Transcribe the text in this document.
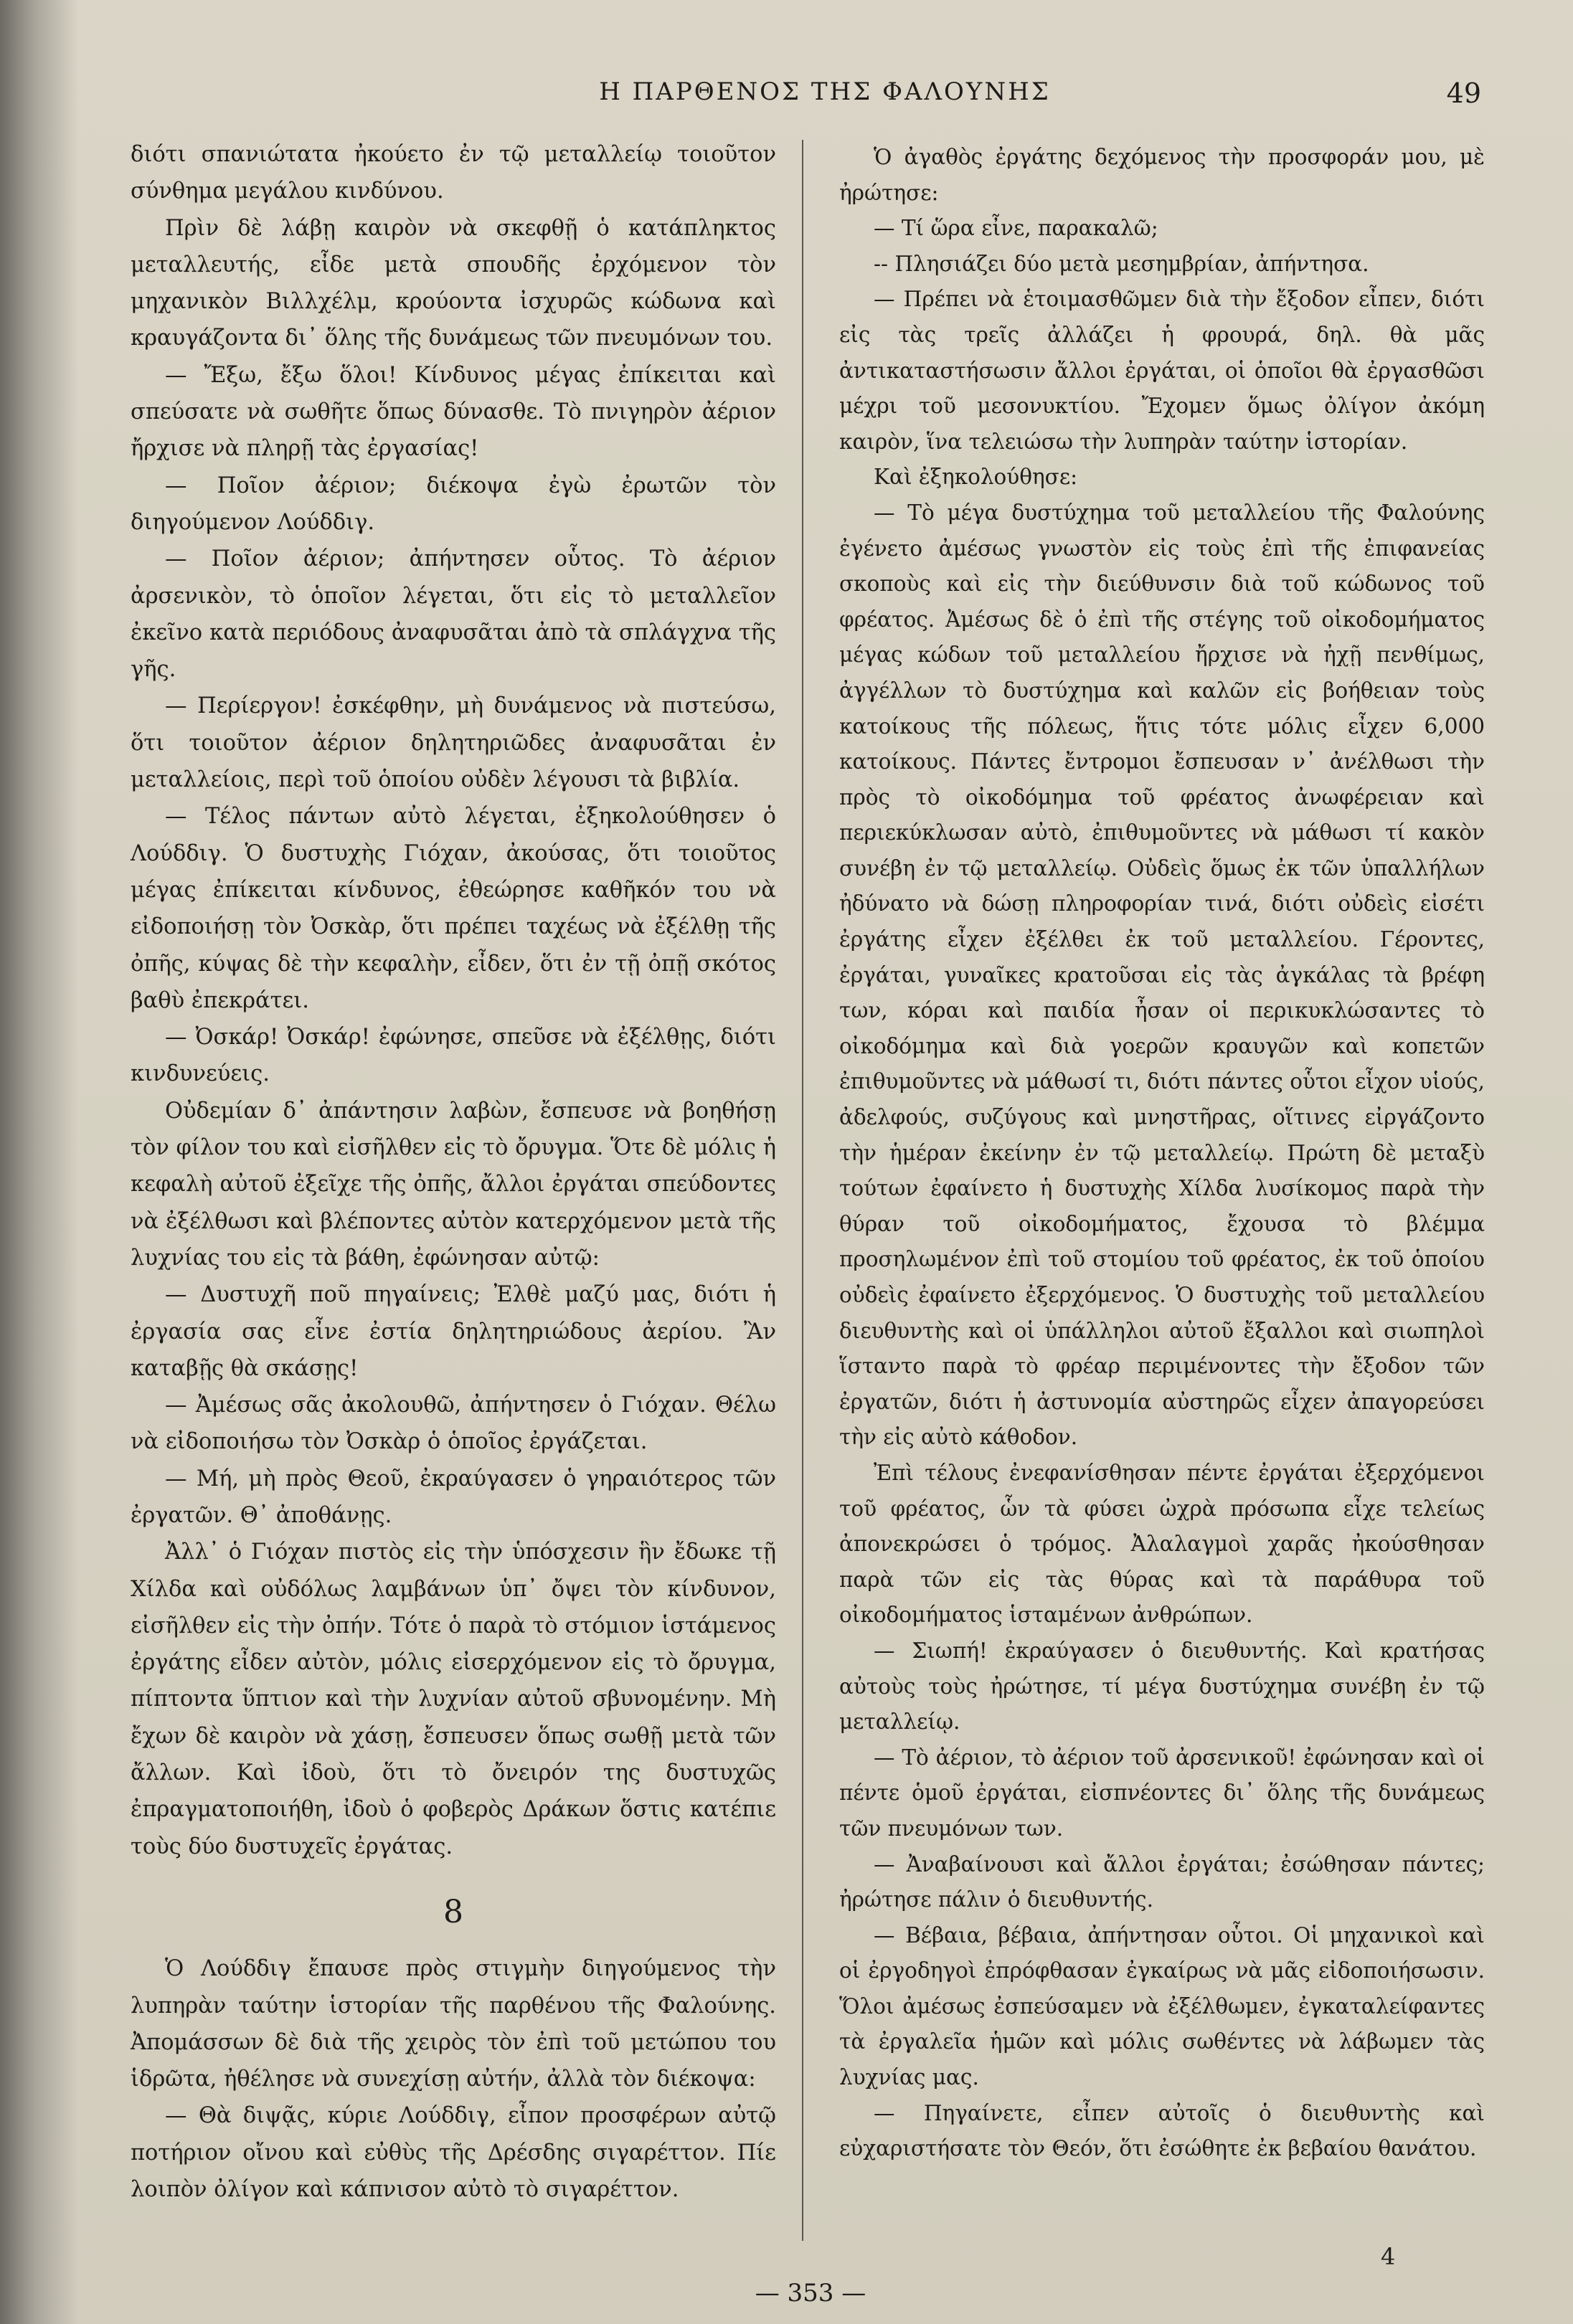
Η ΠΑΡΘΕΝΟΣ ΤΗΣ ΦΑΛΟΥΝΗΣ	49

διότι σπανιώτατα ἠκούετο ἐν τῷ μεταλλείῳ τοιοῦτον σύνθημα μεγάλου κινδύνου.

Πρὶν δὲ λάβῃ καιρὸν νὰ σκεφθῇ ὁ κατάπληκτος μεταλλευτής, εἶδε μετὰ σπουδῆς ἐρχόμενον τὸν μηχανικὸν Βιλλχέλμ, κρούοντα ἰσχυρῶς κώδωνα καὶ κραυγάζοντα δι᾽ ὅλης τῆς δυνάμεως τῶν πνευμόνων του.

— Ἔξω, ἔξω ὅλοι! Κίνδυνος μέγας ἐπίκειται καὶ σπεύσατε νὰ σωθῆτε ὅπως δύνασθε. Τὸ πνιγηρὸν ἀέριον ἤρχισε νὰ πληρῇ τὰς ἐργασίας!

— Ποῖον ἀέριον; διέκοψα ἐγὼ ἐρωτῶν τὸν διηγούμενον Λούδδιγ.

— Ποῖον ἀέριον; ἀπήντησεν οὗτος. Τὸ ἀέριον ἀρσενικὸν, τὸ ὁποῖον λέγεται, ὅτι εἰς τὸ μεταλλεῖον ἐκεῖνο κατὰ περιόδους ἀναφυσᾶται ἀπὸ τὰ σπλάγχνα τῆς γῆς.

— Περίεργον! ἐσκέφθην, μὴ δυνάμενος νὰ πιστεύσω, ὅτι τοιοῦτον ἀέριον δηλητηριῶδες ἀναφυσᾶται ἐν μεταλλείοις, περὶ τοῦ ὁποίου οὐδὲν λέγουσι τὰ βιβλία.

— Τέλος πάντων αὐτὸ λέγεται, ἐξηκολούθησεν ὁ Λούδδιγ. Ὁ δυστυχὴς Γιόχαν, ἀκούσας, ὅτι τοιοῦτος μέγας ἐπίκειται κίνδυνος, ἐθεώρησε καθῆκόν του νὰ εἰδοποιήσῃ τὸν Ὀσκὰρ, ὅτι πρέπει ταχέως νὰ ἐξέλθῃ τῆς ὀπῆς, κύψας δὲ τὴν κεφαλὴν, εἶδεν, ὅτι ἐν τῇ ὀπῇ σκότος βαθὺ ἐπεκράτει.

— Ὀσκάρ! Ὀσκάρ! ἐφώνησε, σπεῦσε νὰ ἐξέλθῃς, διότι κινδυνεύεις.

Οὐδεμίαν δ᾽ ἀπάντησιν λαβὼν, ἔσπευσε νὰ βοηθήσῃ τὸν φίλον του καὶ εἰσῆλθεν εἰς τὸ ὄρυγμα. Ὅτε δὲ μόλις ἡ κεφαλὴ αὐτοῦ ἐξεῖχε τῆς ὀπῆς, ἄλλοι ἐργάται σπεύδοντες νὰ ἐξέλθωσι καὶ βλέποντες αὐτὸν κατερχόμενον μετὰ τῆς λυχνίας του εἰς τὰ βάθη, ἐφώνησαν αὐτῷ:

— Δυστυχῆ ποῦ πηγαίνεις; Ἐλθὲ μαζύ μας, διότι ἡ ἐργασία σας εἶνε ἐστία δηλητηριώδους ἀερίου. Ἂν καταβῇς θὰ σκάσῃς!

— Ἀμέσως σᾶς ἀκολουθῶ, ἀπήντησεν ὁ Γιόχαν. Θέλω νὰ εἰδοποιήσω τὸν Ὀσκὰρ ὁ ὁποῖος ἐργάζεται.

— Μή, μὴ πρὸς Θεοῦ, ἐκραύγασεν ὁ γηραιότερος τῶν ἐργατῶν. Θ᾽ ἀποθάνῃς.

Ἀλλ᾽ ὁ Γιόχαν πιστὸς εἰς τὴν ὑπόσχεσιν ἣν ἔδωκε τῇ Χίλδα καὶ οὐδόλως λαμβάνων ὑπ᾽ ὄψει τὸν κίνδυνον, εἰσῆλθεν εἰς τὴν ὀπήν. Τότε ὁ παρὰ τὸ στόμιον ἱστάμενος ἐργάτης εἶδεν αὐτὸν, μόλις εἰσερχόμενον εἰς τὸ ὄρυγμα, πίπτοντα ὕπτιον καὶ τὴν λυχνίαν αὐτοῦ σβυνομένην. Μὴ ἔχων δὲ καιρὸν νὰ χάσῃ, ἔσπευσεν ὅπως σωθῇ μετὰ τῶν ἄλλων. Καὶ ἰδοὺ, ὅτι τὸ ὄνειρόν της δυστυχῶς ἐπραγματοποιήθη, ἰδοὺ ὁ φοβερὸς Δράκων ὅστις κατέπιε τοὺς δύο δυστυχεῖς ἐργάτας.

8

Ὁ Λούδδιγ ἔπαυσε πρὸς στιγμὴν διηγούμενος τὴν λυπηρὰν ταύτην ἱστορίαν τῆς παρθένου τῆς Φαλούνης. Ἀπομάσσων δὲ διὰ τῆς χειρὸς τὸν ἐπὶ τοῦ μετώπου του ἱδρῶτα, ἠθέλησε νὰ συνεχίσῃ αὐτήν, ἀλλὰ τὸν διέκοψα:

— Θὰ διψᾷς, κύριε Λούδδιγ, εἶπον προσφέρων αὐτῷ ποτήριον οἴνου καὶ εὐθὺς τῆς Δρέσδης σιγαρέττον. Πίε λοιπὸν ὀλίγον καὶ κάπνισον αὐτὸ τὸ σιγαρέττον.

Ὁ ἀγαθὸς ἐργάτης δεχόμενος τὴν προσφοράν μου, μὲ ἠρώτησε:

— Τί ὥρα εἶνε, παρακαλῶ;

-- Πλησιάζει δύο μετὰ μεσημβρίαν, ἀπήντησα.

— Πρέπει νὰ ἑτοιμασθῶμεν διὰ τὴν ἔξοδον εἶπεν, διότι εἰς τὰς τρεῖς ἀλλάζει ἡ φρουρά, δηλ. θὰ μᾶς ἀντικαταστήσωσιν ἄλλοι ἐργάται, οἱ ὁποῖοι θὰ ἐργασθῶσι μέχρι τοῦ μεσονυκτίου. Ἔχομεν ὅμως ὀλίγον ἀκόμη καιρὸν, ἵνα τελειώσω τὴν λυπηρὰν ταύτην ἱστορίαν.

Καὶ ἐξηκολούθησε:

— Τὸ μέγα δυστύχημα τοῦ μεταλλείου τῆς Φαλούνης ἐγένετο ἀμέσως γνωστὸν εἰς τοὺς ἐπὶ τῆς ἐπιφανείας σκοποὺς καὶ εἰς τὴν διεύθυνσιν διὰ τοῦ κώδωνος τοῦ φρέατος. Ἀμέσως δὲ ὁ ἐπὶ τῆς στέγης τοῦ οἰκοδομήματος μέγας κώδων τοῦ μεταλλείου ἤρχισε νὰ ἠχῇ πενθίμως, ἀγγέλλων τὸ δυστύχημα καὶ καλῶν εἰς βοήθειαν τοὺς κατοίκους τῆς πόλεως, ἥτις τότε μόλις εἶχεν 6,000 κατοίκους. Πάντες ἔντρομοι ἔσπευσαν ν᾽ ἀνέλθωσι τὴν πρὸς τὸ οἰκοδόμημα τοῦ φρέατος ἀνωφέρειαν καὶ περιεκύκλωσαν αὐτὸ, ἐπιθυμοῦντες νὰ μάθωσι τί κακὸν συνέβη ἐν τῷ μεταλλείῳ. Οὐδεὶς ὅμως ἐκ τῶν ὑπαλλήλων ἠδύνατο νὰ δώσῃ πληροφορίαν τινά, διότι οὐδεὶς εἰσέτι ἐργάτης εἶχεν ἐξέλθει ἐκ τοῦ μεταλλείου. Γέροντες, ἐργάται, γυναῖκες κρατοῦσαι εἰς τὰς ἀγκάλας τὰ βρέφη των, κόραι καὶ παιδία ἦσαν οἱ περικυκλώσαντες τὸ οἰκοδόμημα καὶ διὰ γοερῶν κραυγῶν καὶ κοπετῶν ἐπιθυμοῦντες νὰ μάθωσί τι, διότι πάντες οὗτοι εἶχον υἱούς, ἀδελφούς, συζύγους καὶ μνηστῆρας, οἵτινες εἰργάζοντο τὴν ἡμέραν ἐκείνην ἐν τῷ μεταλλείῳ. Πρώτη δὲ μεταξὺ τούτων ἐφαίνετο ἡ δυστυχὴς Χίλδα λυσίκομος παρὰ τὴν θύραν τοῦ οἰκοδομήματος, ἔχουσα τὸ βλέμμα προσηλωμένον ἐπὶ τοῦ στομίου τοῦ φρέατος, ἐκ τοῦ ὁποίου οὐδεὶς ἐφαίνετο ἐξερχόμενος. Ὁ δυστυχὴς τοῦ μεταλλείου διευθυντὴς καὶ οἱ ὑπάλληλοι αὐτοῦ ἔξαλλοι καὶ σιωπηλοὶ ἵσταντο παρὰ τὸ φρέαρ περιμένοντες τὴν ἔξοδον τῶν ἐργατῶν, διότι ἡ ἀστυνομία αὐστηρῶς εἶχεν ἀπαγορεύσει τὴν εἰς αὐτὸ κάθοδον.

Ἐπὶ τέλους ἐνεφανίσθησαν πέντε ἐργάται ἐξερχόμενοι τοῦ φρέατος, ὧν τὰ φύσει ὠχρὰ πρόσωπα εἶχε τελείως ἀπονεκρώσει ὁ τρόμος. Ἀλαλαγμοὶ χαρᾶς ἠκούσθησαν παρὰ τῶν εἰς τὰς θύρας καὶ τὰ παράθυρα τοῦ οἰκοδομήματος ἱσταμένων ἀνθρώπων.

— Σιωπή! ἐκραύγασεν ὁ διευθυντής. Καὶ κρατήσας αὐτοὺς τοὺς ἠρώτησε, τί μέγα δυστύχημα συνέβη ἐν τῷ μεταλλείῳ.

— Τὸ ἀέριον, τὸ ἀέριον τοῦ ἀρσενικοῦ! ἐφώνησαν καὶ οἱ πέντε ὁμοῦ ἐργάται, εἰσπνέοντες δι᾽ ὅλης τῆς δυνάμεως τῶν πνευμόνων των.

— Ἀναβαίνουσι καὶ ἄλλοι ἐργάται; ἐσώθησαν πάντες; ἠρώτησε πάλιν ὁ διευθυντής.

— Βέβαια, βέβαια, ἀπήντησαν οὗτοι. Οἱ μηχανικοὶ καὶ οἱ ἐργοδηγοὶ ἐπρόφθασαν ἐγκαίρως νὰ μᾶς εἰδοποιήσωσιν. Ὅλοι ἀμέσως ἐσπεύσαμεν νὰ ἐξέλθωμεν, ἐγκαταλείφαντες τὰ ἐργαλεῖα ἡμῶν καὶ μόλις σωθέντες νὰ λάβωμεν τὰς λυχνίας μας.

— Πηγαίνετε, εἶπεν αὐτοῖς ὁ διευθυντὴς καὶ εὐχαριστήσατε τὸν Θεόν, ὅτι ἐσώθητε ἐκ βεβαίου θανάτου.

4
— 353 —
